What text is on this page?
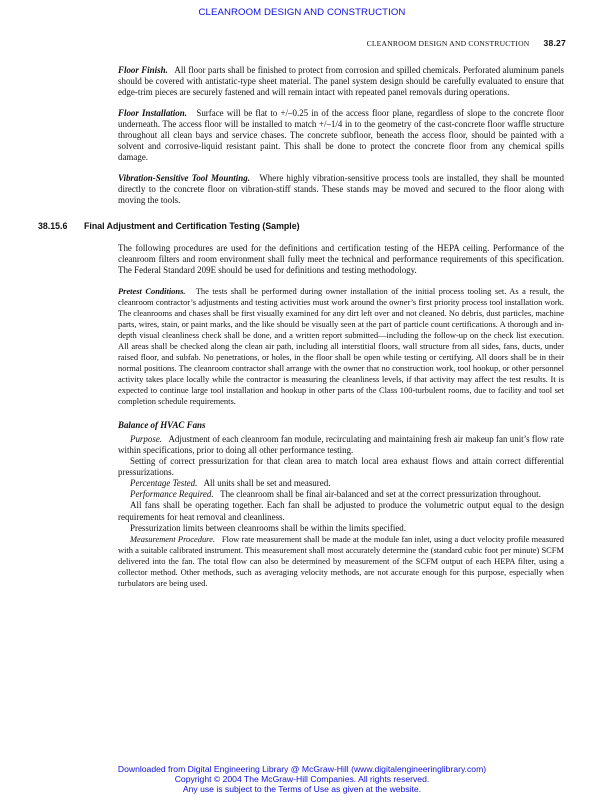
CLEANROOM DESIGN AND CONSTRUCTION
CLEANROOM DESIGN AND CONSTRUCTION 38.27

Floor Finish. All floor parts shall be finished to protect from corrosion and spilled chemicals. Perforated aluminum panels should be covered with antistatic-type sheet material. The panel system design should be carefully evaluated to ensure that edge-trim pieces are securely fastened and will remain intact with repeated panel removals during operations.

Floor Installation. Surface will be flat to +/–0.25 in of the access floor plane, regardless of slope to the concrete floor underneath. The access floor will be installed to match +/–1/4 in to the geometry of the cast-concrete floor waffle structure throughout all clean bays and service chases. The concrete subfloor, beneath the access floor, should be painted with a solvent and corrosive-liquid resistant paint. This shall be done to protect the concrete floor from any chemical spills damage.

Vibration-Sensitive Tool Mounting. Where highly vibration-sensitive process tools are installed, they shall be mounted directly to the concrete floor on vibration-stiff stands. These stands may be moved and secured to the floor along with moving the tools.

38.15.6 Final Adjustment and Certification Testing (Sample)

The following procedures are used for the definitions and certification testing of the HEPA ceiling. Performance of the cleanroom filters and room environment shall fully meet the technical and performance requirements of this specification. The Federal Standard 209E should be used for definitions and testing methodology.

Pretest Conditions. The tests shall be performed during owner installation of the initial process tooling set. As a result, the cleanroom contractor’s adjustments and testing activities must work around the owner’s first priority process tool installation work. The cleanrooms and chases shall be first visually examined for any dirt left over and not cleaned. No debris, dust particles, machine parts, wires, stain, or paint marks, and the like should be visually seen at the part of particle count certifications. A thorough and in-depth visual cleanliness check shall be done, and a written report submitted—including the follow-up on the check list execution. All areas shall be checked along the clean air path, including all interstitial floors, wall structure from all sides, fans, ducts, under raised floor, and subfab. No penetrations, or holes, in the floor shall be open while testing or certifying. All doors shall be in their normal positions. The cleanroom contractor shall arrange with the owner that no construction work, tool hookup, or other personnel activity takes place locally while the contractor is measuring the cleanliness levels, if that activity may affect the test results. It is expected to continue large tool installation and hookup in other parts of the Class 100-turbulent rooms, due to facility and tool set completion schedule requirements.

Balance of HVAC Fans

Purpose. Adjustment of each cleanroom fan module, recirculating and maintaining fresh air makeup fan unit’s flow rate within specifications, prior to doing all other performance testing.

Setting of correct pressurization for that clean area to match local area exhaust flows and attain correct differential pressurizations.

Percentage Tested. All units shall be set and measured.

Performance Required. The cleanroom shall be final air-balanced and set at the correct pressurization throughout.

All fans shall be operating together. Each fan shall be adjusted to produce the volumetric output equal to the design requirements for heat removal and cleanliness.

Pressurization limits between cleanrooms shall be within the limits specified.

Measurement Procedure. Flow rate measurement shall be made at the module fan inlet, using a duct velocity profile measured with a suitable calibrated instrument. This measurement shall most accurately determine the (standard cubic foot per minute) SCFM delivered into the fan. The total flow can also be determined by measurement of the SCFM output of each HEPA filter, using a collector method. Other methods, such as averaging velocity methods, are not accurate enough for this purpose, especially when turbulators are being used.

Downloaded from Digital Engineering Library @ McGraw-Hill (www.digitalengineeringlibrary.com)
Copyright © 2004 The McGraw-Hill Companies. All rights reserved.
Any use is subject to the Terms of Use as given at the website.
